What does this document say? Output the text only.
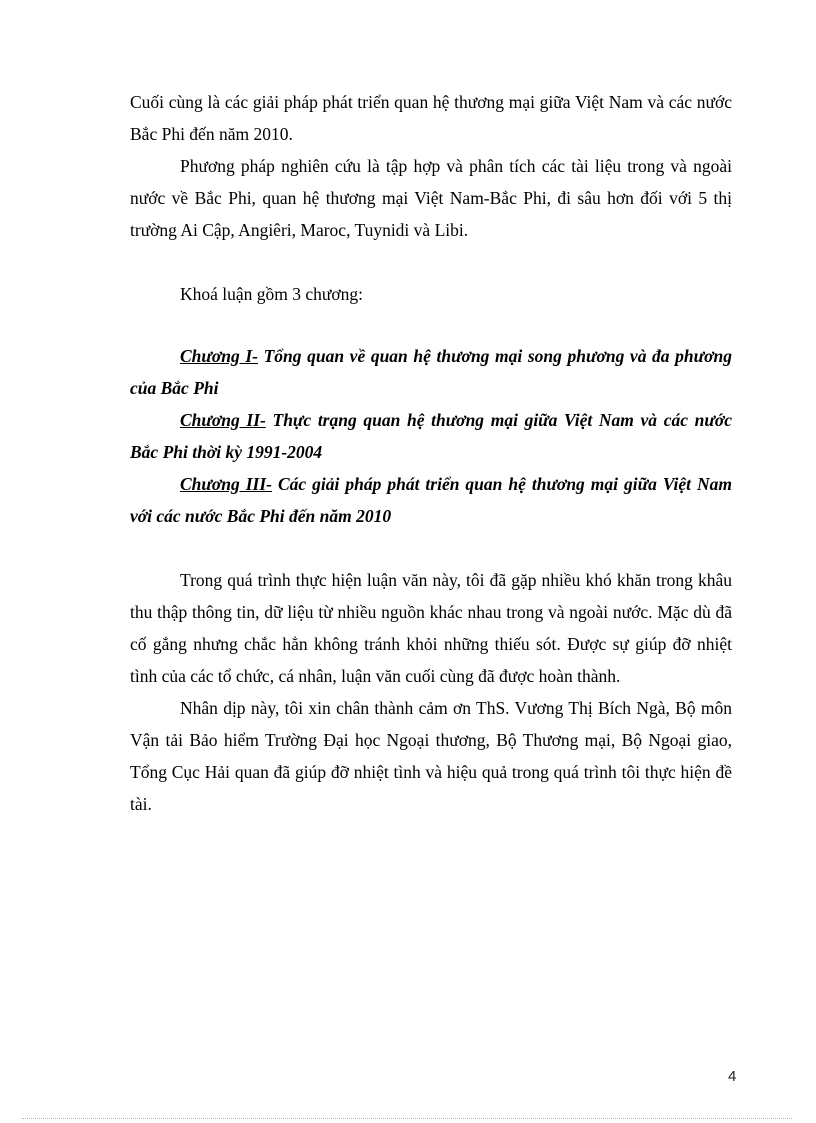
Cuối cùng là các giải pháp phát triển quan hệ thương mại giữa Việt Nam và các nước Bắc Phi đến năm 2010.

Phương pháp nghiên cứu là tập hợp và phân tích các tài liệu trong và ngoài nước về Bắc Phi, quan hệ thương mại Việt Nam-Bắc Phi, đi sâu hơn đối với 5 thị trường Ai Cập, Angiêri, Maroc, Tuynidi và Libi.

Khoá luận gồm 3 chương:

Chương I- Tổng quan về quan hệ thương mại song phương và đa phương của Bắc Phi

Chương II- Thực trạng quan hệ thương mại giữa Việt Nam và các nước Bắc Phi thời kỳ 1991-2004

Chương III- Các giải pháp phát triển quan hệ thương mại giữa Việt Nam với các nước Bắc Phi đến năm 2010

Trong quá trình thực hiện luận văn này, tôi đã gặp nhiều khó khăn trong khâu thu thập thông tin, dữ liệu từ nhiều nguồn khác nhau trong và ngoài nước. Mặc dù đã cố gắng nhưng chắc hẳn không tránh khỏi những thiếu sót. Được sự giúp đỡ nhiệt tình của các tổ chức, cá nhân, luận văn cuối cùng đã được hoàn thành.

Nhân dịp này, tôi xin chân thành cảm ơn ThS. Vương Thị Bích Ngà, Bộ môn Vận tải Bảo hiểm Trường Đại học Ngoại thương, Bộ Thương mại, Bộ Ngoại giao, Tổng Cục Hải quan đã giúp đỡ nhiệt tình và hiệu quả trong quá trình tôi thực hiện đề tài.

4
